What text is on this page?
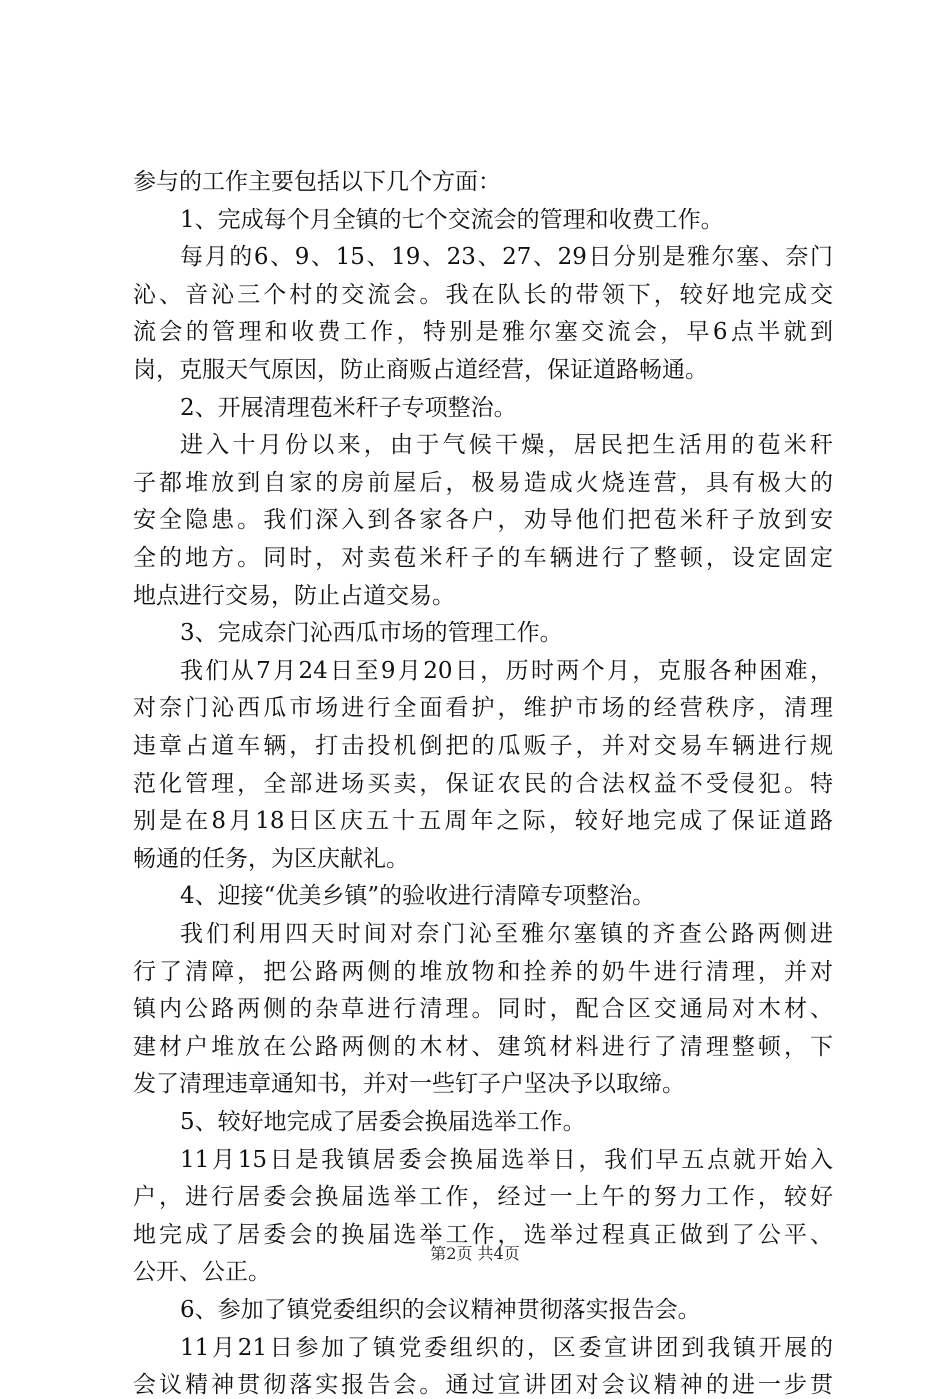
参与的工作主要包括以下几个方面：
1、完成每个月全镇的七个交流会的管理和收费工作。
每月的6、9、15、19、23、27、29日分别是雅尔塞、奈门
沁、音沁三个村的交流会。我在队长的带领下，较好地完成交
流会的管理和收费工作，特别是雅尔塞交流会，早6点半就到
岗，克服天气原因，防止商贩占道经营，保证道路畅通。
2、开展清理苞米秆子专项整治。
进入十月份以来，由于气候干燥，居民把生活用的苞米秆
子都堆放到自家的房前屋后，极易造成火烧连营，具有极大的
安全隐患。我们深入到各家各户，劝导他们把苞米秆子放到安
全的地方。同时，对卖苞米秆子的车辆进行了整顿，设定固定
地点进行交易，防止占道交易。
3、完成奈门沁西瓜市场的管理工作。
我们从7月24日至9月20日，历时两个月，克服各种困难，
对奈门沁西瓜市场进行全面看护，维护市场的经营秩序，清理
违章占道车辆，打击投机倒把的瓜贩子，并对交易车辆进行规
范化管理，全部进场买卖，保证农民的合法权益不受侵犯。特
别是在8月18日区庆五十五周年之际，较好地完成了保证道路
畅通的任务，为区庆献礼。
4、迎接“优美乡镇”的验收进行清障专项整治。
我们利用四天时间对奈门沁至雅尔塞镇的齐查公路两侧进
行了清障，把公路两侧的堆放物和拴养的奶牛进行清理，并对
镇内公路两侧的杂草进行清理。同时，配合区交通局对木材、
建材户堆放在公路两侧的木材、建筑材料进行了清理整顿，下
发了清理违章通知书，并对一些钉子户坚决予以取缔。
5、较好地完成了居委会换届选举工作。
11月15日是我镇居委会换届选举日，我们早五点就开始入
户，进行居委会换届选举工作，经过一上午的努力工作，较好
地完成了居委会的换届选举工作，选举过程真正做到了公平、
公开、公正。
6、参加了镇党委组织的会议精神贯彻落实报告会。
11月21日参加了镇党委组织的，区委宣讲团到我镇开展的
会议精神贯彻落实报告会。通过宣讲团对会议精神的进一步贯
第2页 共4页
